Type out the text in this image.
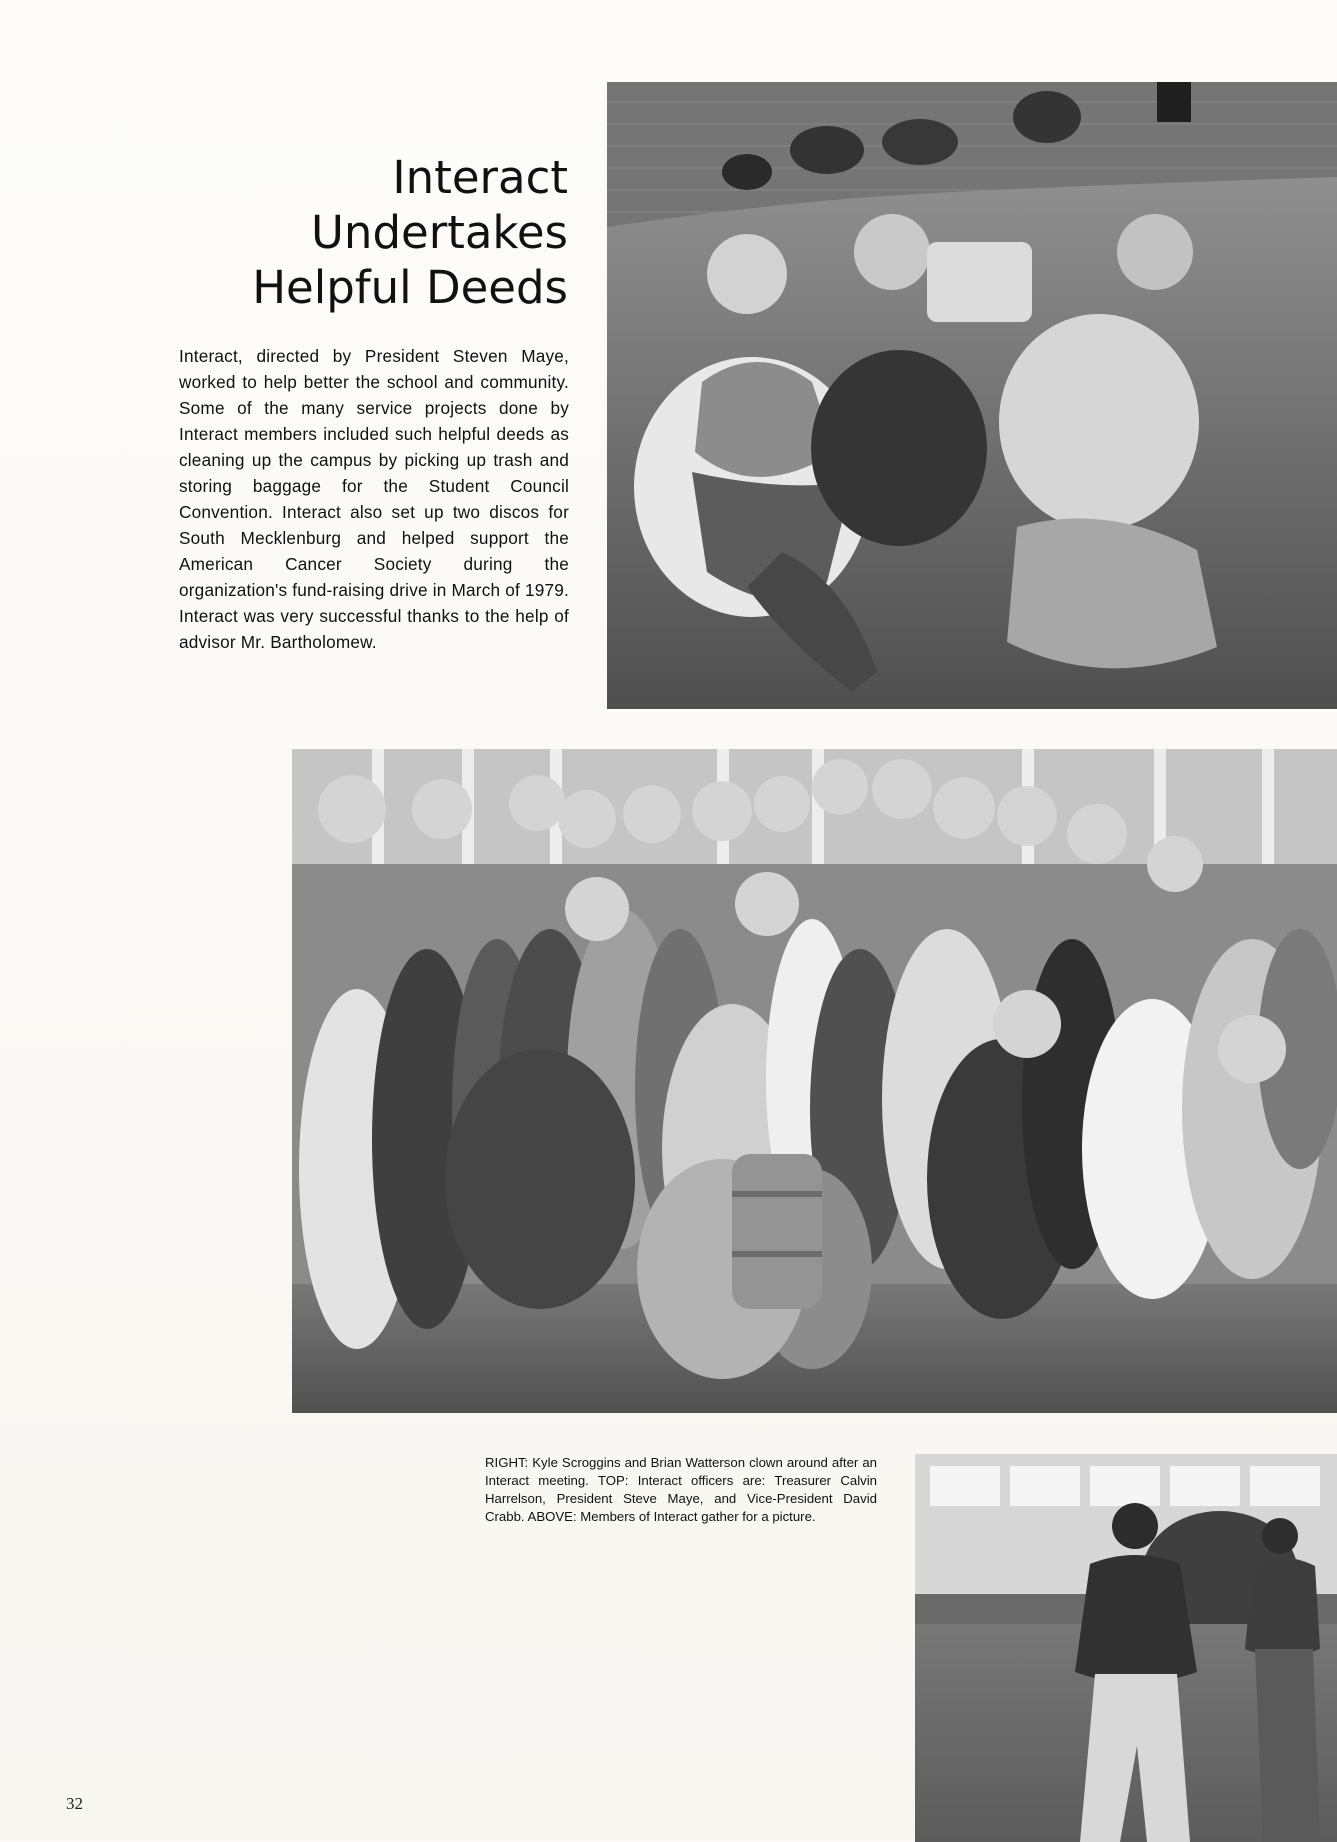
Interact
Undertakes
Helpful Deeds

Interact, directed by President Steven Maye, worked to help better the school and community. Some of the many service projects done by Interact members included such helpful deeds as cleaning up the campus by picking up trash and storing baggage for the Student Council Convention. Interact also set up two discos for South Mecklenburg and helped support the American Cancer Society during the organization's fund-raising drive in March of 1979. Interact was very successful thanks to the help of advisor Mr. Bartholomew.

RIGHT: Kyle Scroggins and Brian Watterson clown around after an Interact meeting. TOP: Interact officers are: Treasurer Calvin Harrelson, President Steve Maye, and Vice-President David Crabb. ABOVE: Members of Interact gather for a picture.

32
